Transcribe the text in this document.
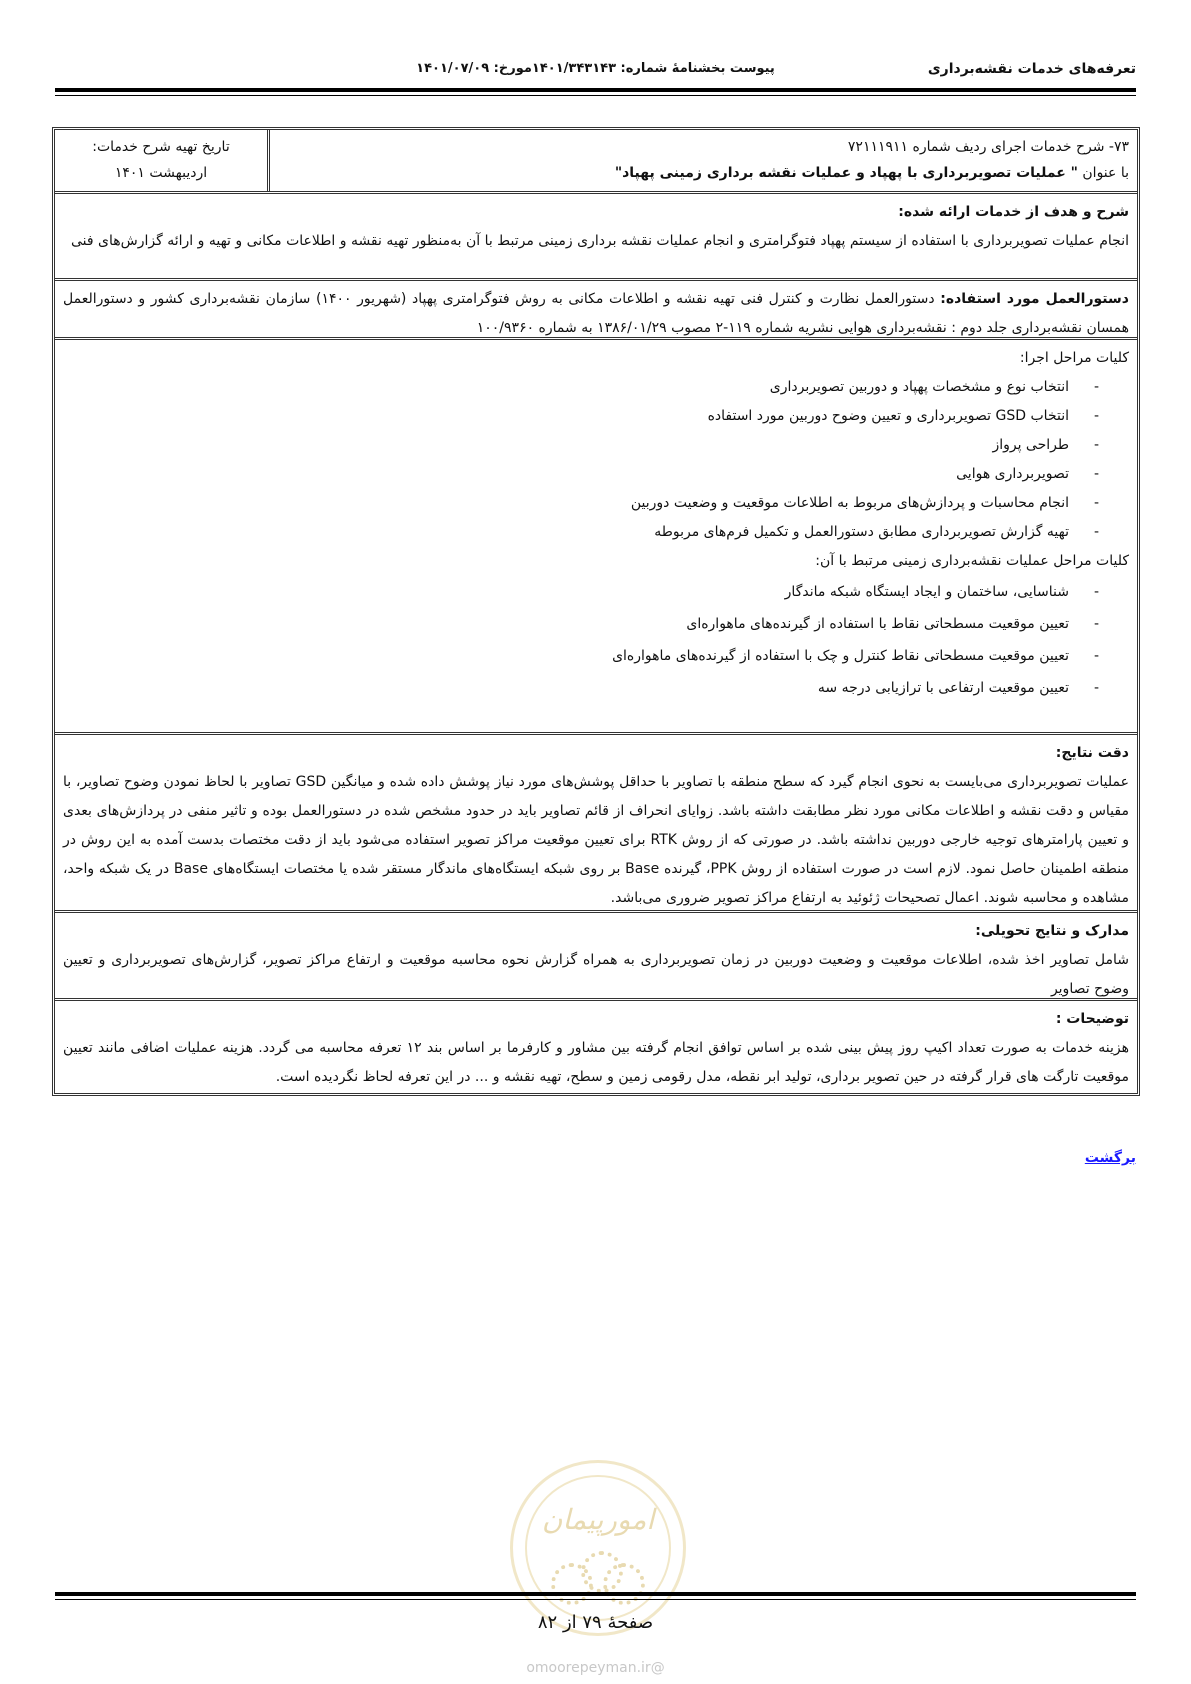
تعرفه‌های خدمات نقشه‌برداری
پیوست بخشنامۀ شماره: ۱۴۰۱/۳۴۳۱۴۳مورخ: ۱۴۰۱/۰۷/۰۹
۷۳- شرح خدمات اجرای ردیف شماره ۷۲۱۱۱۹۱۱
با عنوان " عملیات تصویربرداری با پهپاد و عملیات نقشه برداری زمینی پهپاد"
تاریخ تهیه شرح خدمات:
اردیبهشت ۱۴۰۱
شرح و هدف از خدمات ارائه شده:
انجام عملیات تصویربرداری با استفاده از سیستم پهپاد فتوگرامتری و انجام عملیات نقشه برداری زمینی مرتبط با آن به‌منظور تهیه نقشه و اطلاعات مکانی و تهیه و ارائه گزارش‌های فنی
دستورالعمل مورد استفاده: دستورالعمل نظارت و کنترل فنی تهیه نقشه و اطلاعات مکانی به روش فتوگرامتری پهپاد (شهریور ۱۴۰۰) سازمان نقشه‌برداری کشور و دستورالعمل همسان نقشه‌برداری جلد دوم : نقشه‌برداری هوایی نشریه شماره ۱۱۹-۲ مصوب ۱۳۸۶/۰۱/۲۹ به شماره ۱۰۰/۹۳۶۰
کلیات مراحل اجرا:
- انتخاب نوع و مشخصات پهپاد و دوربین تصویربرداری
- انتخاب GSD تصویربرداری و تعیین وضوح دوربین مورد استفاده
- طراحی پرواز
- تصویربرداری هوایی
- انجام محاسبات و پردازش‌های مربوط به اطلاعات موقعیت و وضعیت دوربین
- تهیه گزارش تصویربرداری مطابق دستورالعمل و تکمیل فرم‌های مربوطه
کلیات مراحل عملیات نقشه‌برداری زمینی مرتبط با آن:
- شناسایی، ساختمان و ایجاد ایستگاه شبکه ماندگار
- تعیین موقعیت مسطحاتی نقاط با استفاده از گیرنده‌های ماهواره‌ای
- تعیین موقعیت مسطحاتی نقاط کنترل و چک با استفاده از گیرنده‌های ماهواره‌ای
- تعیین موقعیت ارتفاعی با ترازیابی درجه سه
دقت نتایج:
عملیات تصویربرداری می‌بایست به نحوی انجام گیرد که سطح منطقه با تصاویر با حداقل پوشش‌های مورد نیاز پوشش داده شده و میانگین GSD تصاویر با لحاظ نمودن وضوح تصاویر، با مقیاس و دقت نقشه و اطلاعات مکانی مورد نظر مطابقت داشته باشد. زوایای انحراف از قائم تصاویر باید در حدود مشخص شده در دستورالعمل بوده و تاثیر منفی در پردازش‌های بعدی و تعیین پارامترهای توجیه خارجی دوربین نداشته باشد. در صورتی که از روش RTK برای تعیین موقعیت مراکز تصویر استفاده می‌شود باید از دقت مختصات بدست آمده به این روش در منطقه اطمینان حاصل نمود. لازم است در صورت استفاده از روش PPK، گیرنده Base بر روی شبکه ایستگاه‌های ماندگار مستقر شده یا مختصات ایستگاه‌های Base در یک شبکه واحد، مشاهده و محاسبه شوند. اعمال تصحیحات ژئوئید به ارتفاع مراکز تصویر ضروری می‌باشد.
مدارک و نتایج تحویلی:
شامل تصاویر اخذ شده، اطلاعات موقعیت و وضعیت دوربین در زمان تصویربرداری به همراه گزارش نحوه محاسبه موقعیت و ارتفاع مراکز تصویر، گزارش‌های تصویربرداری و تعیین وضوح تصاویر
توضیحات :
هزینه خدمات به صورت تعداد اکیپ روز پیش بینی شده بر اساس توافق انجام گرفته بین مشاور و کارفرما بر اساس بند ۱۲ تعرفه محاسبه می گردد. هزینه عملیات اضافی مانند تعیین موقعیت تارگت های قرار گرفته در حین تصویر برداری، تولید ابر نقطه، مدل رقومی زمین و سطح، تهیه نقشه و ... در این تعرفه لحاظ نگردیده است.
برگشت
امورپیمان
صفحۀ ۷۹ از ۸۲
@omoorepeyman.ir
